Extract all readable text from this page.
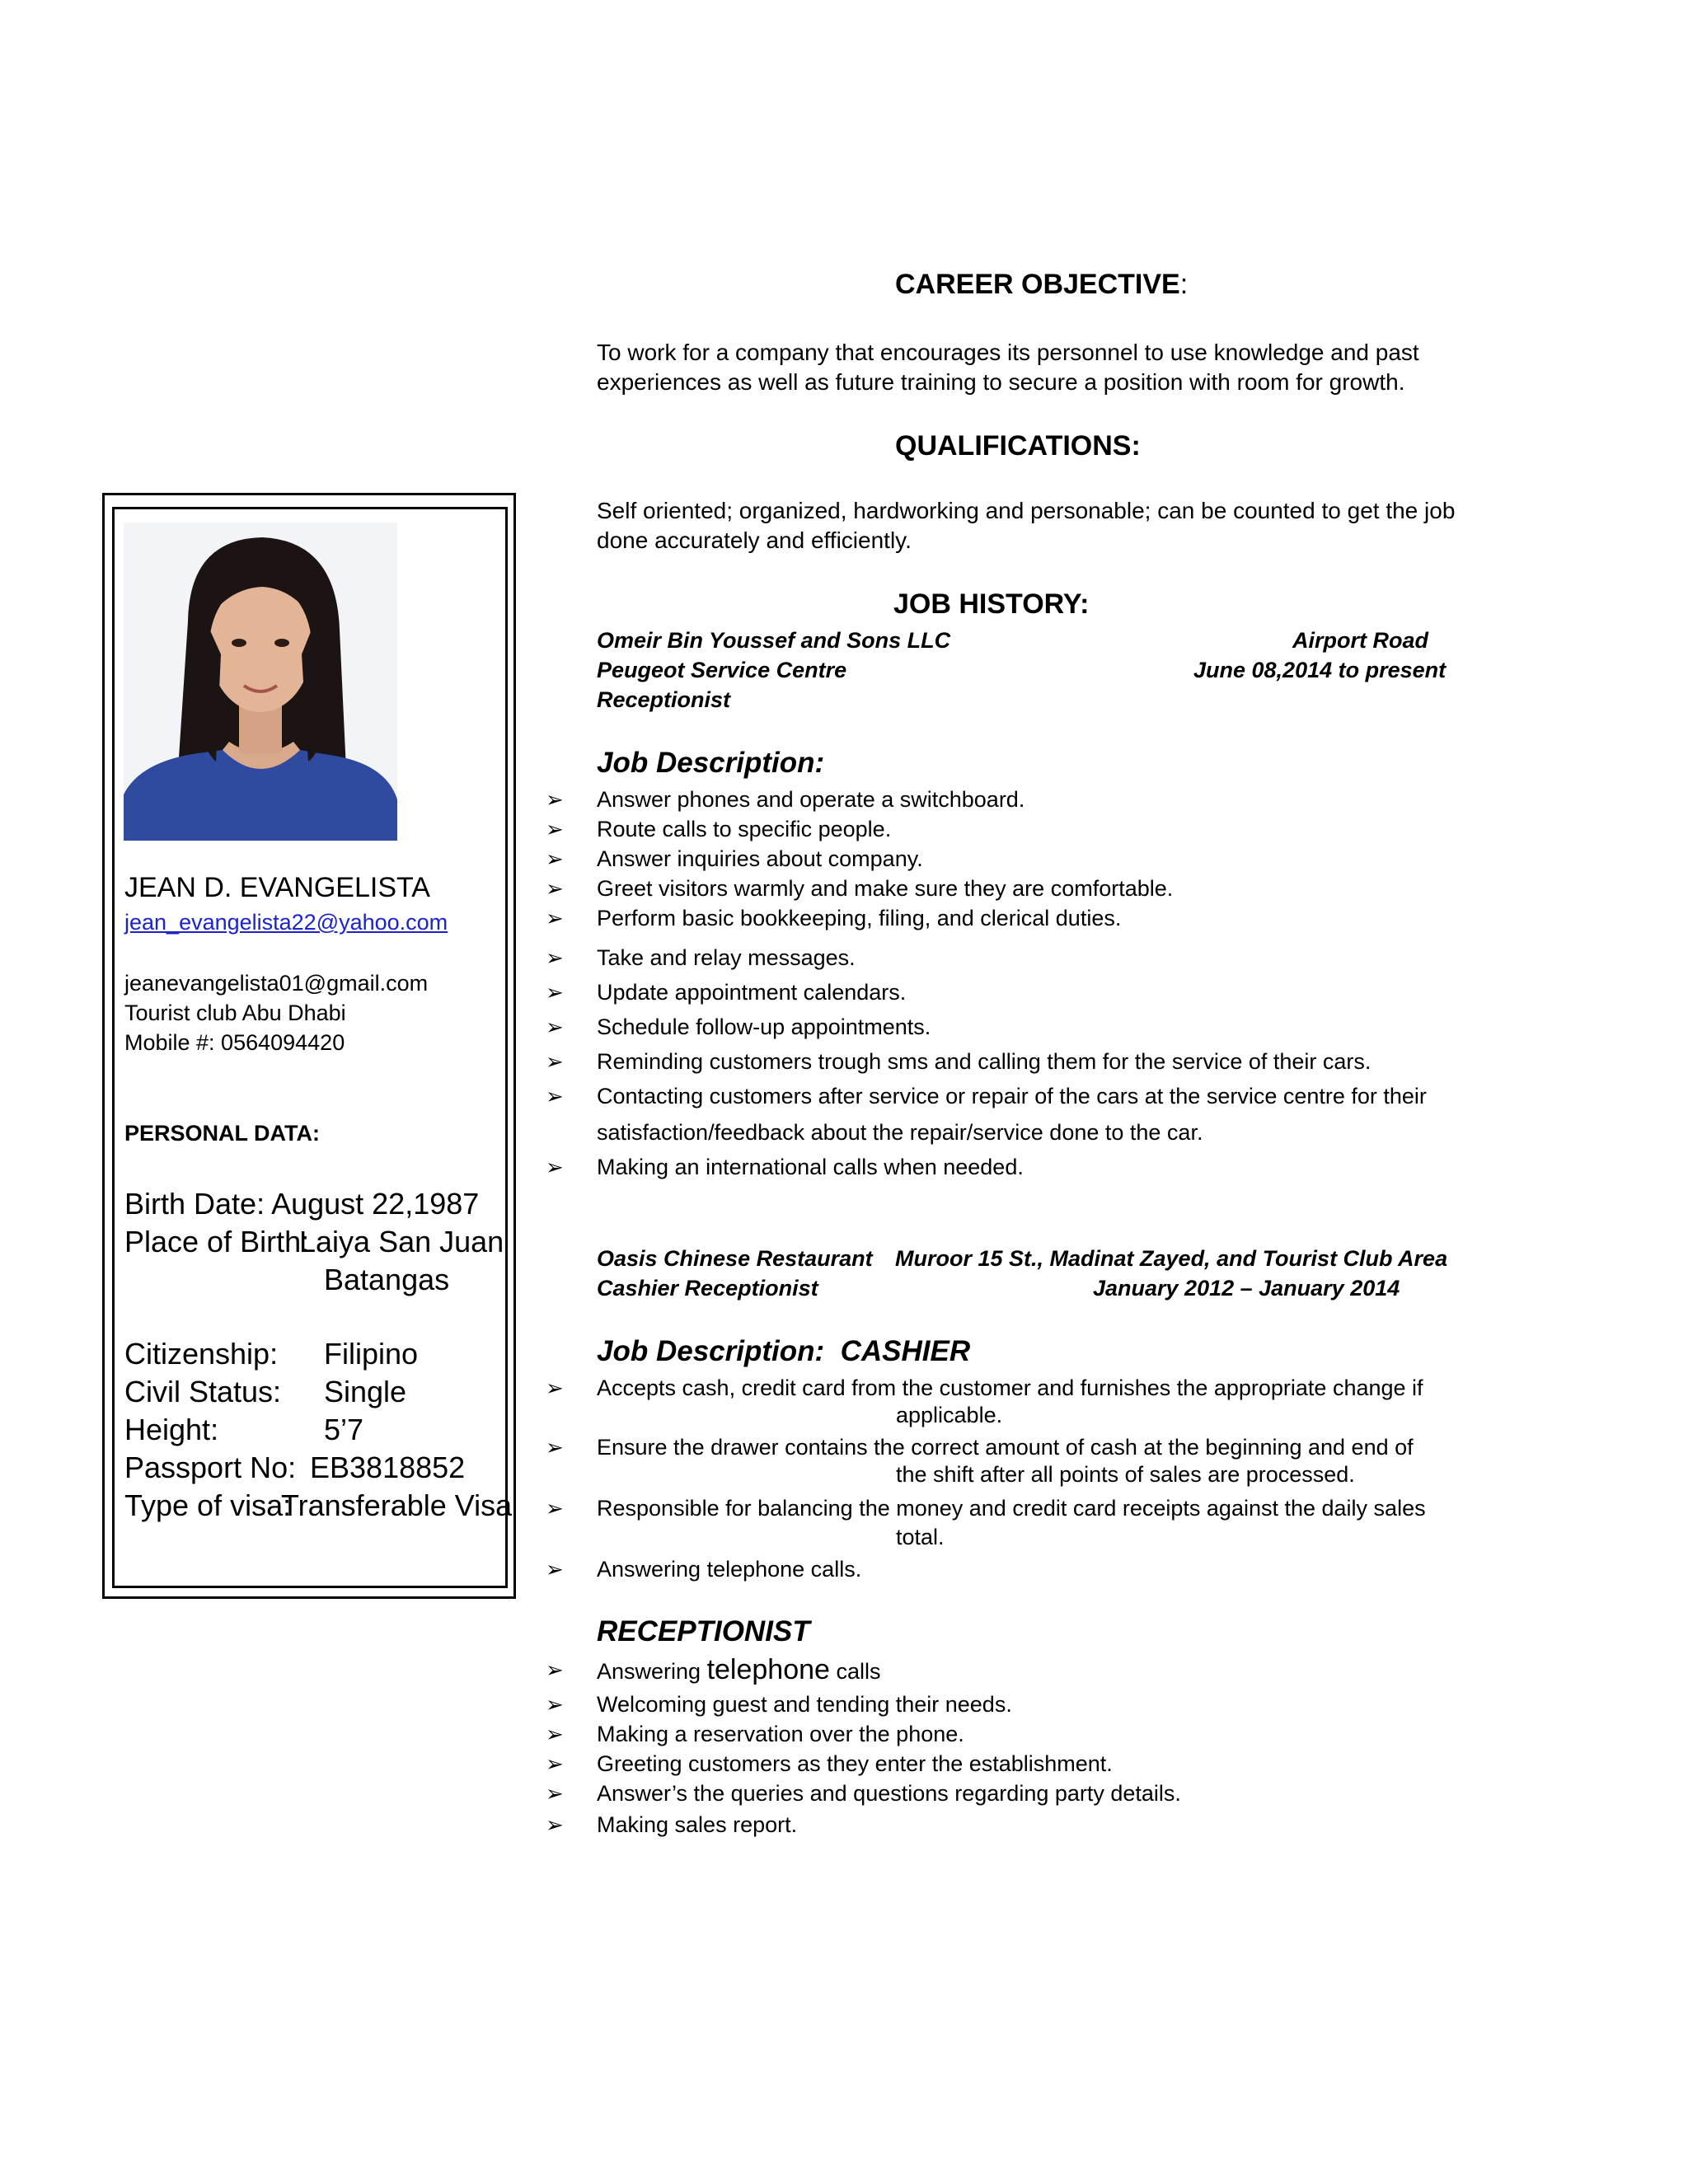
JEAN D. EVANGELISTA
jean_evangelista22@yahoo.com
jeanevangelista01@gmail.com
Tourist club Abu Dhabi
Mobile #: 0564094420
PERSONAL DATA:
Birth Date: August 22,1987
Place of Birth:
Laiya San Juan
Batangas
Citizenship: Filipino
Civil Status: Single
Height:	5’7
Passport No: EB3818852
Type of visa:
Transferable Visa
CAREER OBJECTIVE:
To work for a company that encourages its personnel to use knowledge and past
experiences as well as future training to secure a position with room for growth.
QUALIFICATIONS:
Self oriented; organized, hardworking and personable; can be counted to get the job
done accurately and efficiently.
JOB HISTORY:
Omeir Bin Youssef and Sons LLC	Airport Road
Peugeot Service Centre	June 08,2014 to present
Receptionist
Job Description:
➢ Answer phones and operate a switchboard.
➢ Route calls to specific people.
➢ Answer inquiries about company.
➢ Greet visitors warmly and make sure they are comfortable.
➢ Perform basic bookkeeping, filing, and clerical duties.
➢ Take and relay messages.
➢ Update appointment calendars.
➢ Schedule follow-up appointments.
➢ Reminding customers trough sms and calling them for the service of their cars.
➢ Contacting customers after service or repair of the cars at the service centre for their
satisfaction/feedback about the repair/service done to the car.
➢ Making an international calls when needed.
Oasis Chinese Restaurant Muroor 15 St., Madinat Zayed, and Tourist Club Area
Cashier Receptionist	January 2012 – January 2014
Job Description: CASHIER
➢ Accepts cash, credit card from the customer and furnishes the appropriate change if
applicable.
➢ Ensure the drawer contains the correct amount of cash at the beginning and end of
the shift after all points of sales are processed.
➢ Responsible for balancing the money and credit card receipts against the daily sales
total.
➢ Answering telephone calls.
RECEPTIONIST
➢ Answering telephone calls
➢ Welcoming guest and tending their needs.
➢ Making a reservation over the phone.
➢ Greeting customers as they enter the establishment.
➢ Answer’s the queries and questions regarding party details.
➢ Making sales report.
